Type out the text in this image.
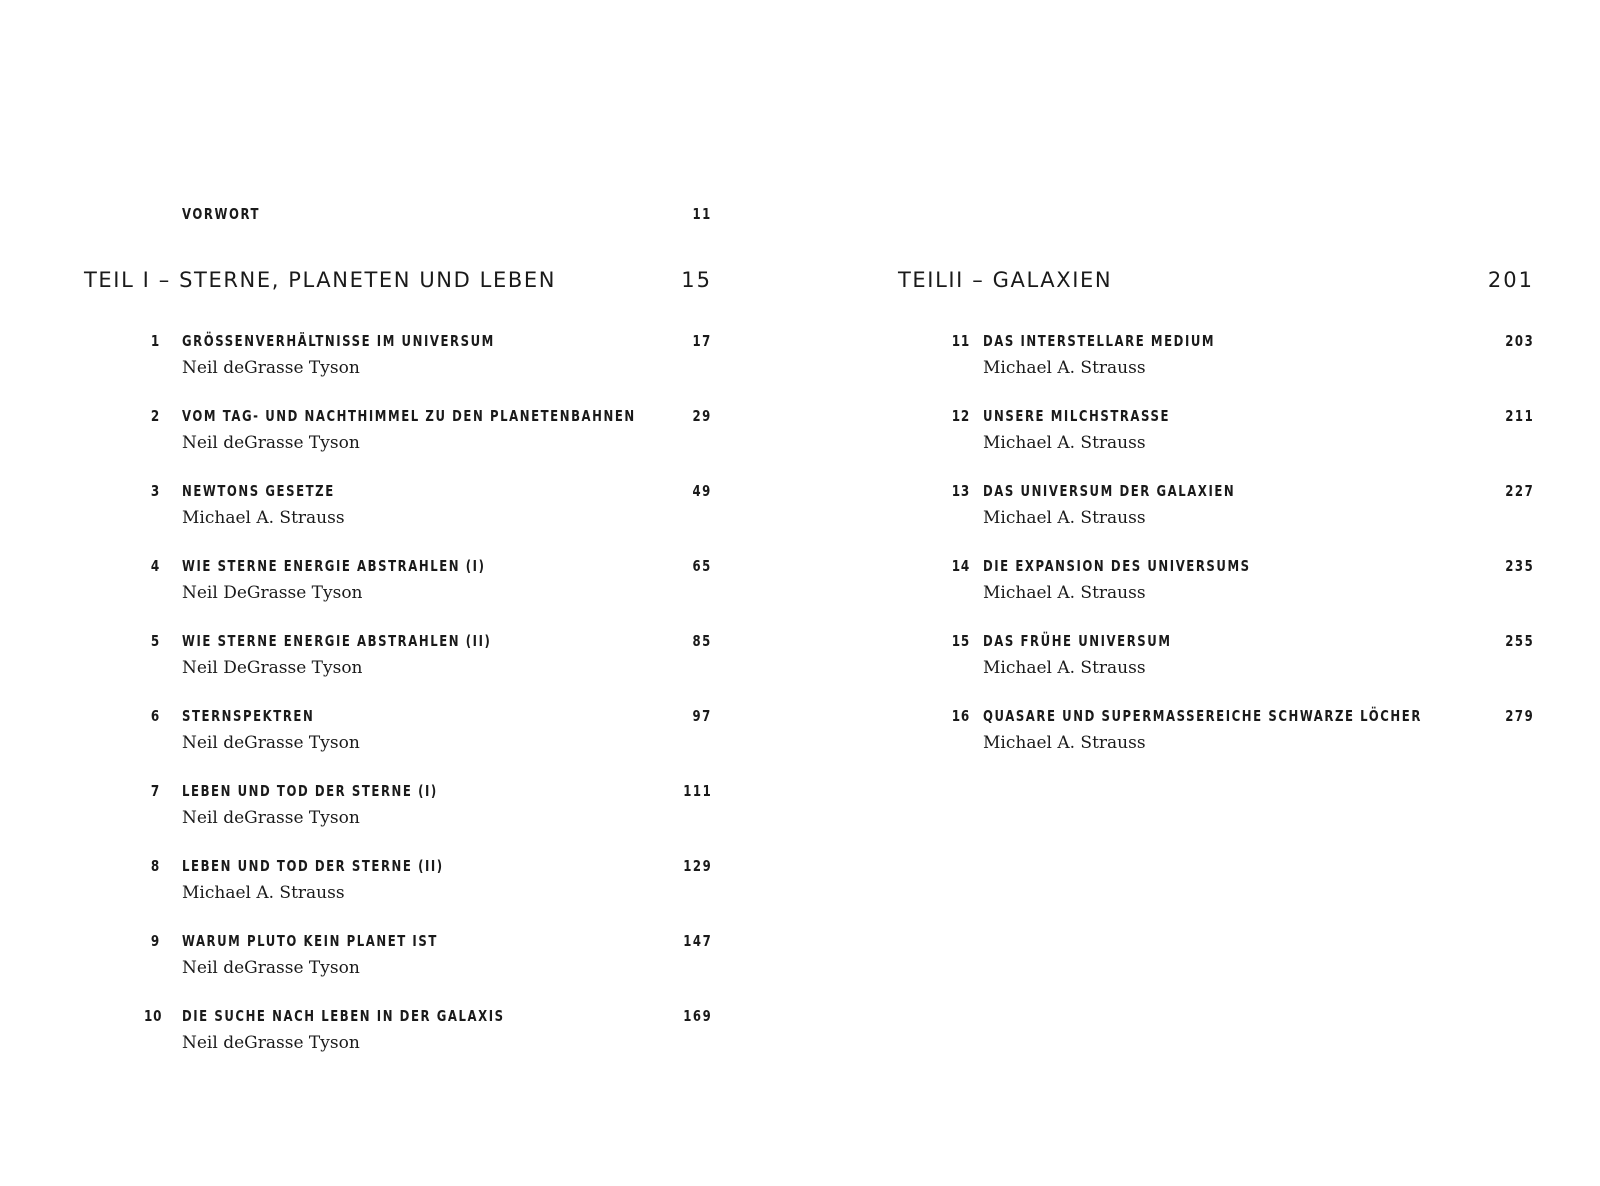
VORWORT	11
TEIL I – STERNE, PLANETEN UND LEBEN	15
1 GRÖSSENVERHÄLTNISSE IM UNIVERSUM	17
Neil deGrasse Tyson
2 VOM TAG- UND NACHTHIMMEL ZU DEN PLANETENBAHNEN	29
Neil deGrasse Tyson
3 NEWTONS GESETZE	49
Michael A. Strauss
4 WIE STERNE ENERGIE ABSTRAHLEN (I)	65
Neil DeGrasse Tyson
5 WIE STERNE ENERGIE ABSTRAHLEN (II)	85
Neil DeGrasse Tyson
6 STERNSPEKTREN	97
Neil deGrasse Tyson
7 LEBEN UND TOD DER STERNE (I)	111
Neil deGrasse Tyson
8 LEBEN UND TOD DER STERNE (II)	129
Michael A. Strauss
9 WARUM PLUTO KEIN PLANET IST	147
Neil deGrasse Tyson
10 DIE SUCHE NACH LEBEN IN DER GALAXIS	169
Neil deGrasse Tyson
TEILII – GALAXIEN	201
11 DAS INTERSTELLARE MEDIUM	203
Michael A. Strauss
12 UNSERE MILCHSTRASSE	211
Michael A. Strauss
13 DAS UNIVERSUM DER GALAXIEN	227
Michael A. Strauss
14 DIE EXPANSION DES UNIVERSUMS	235
Michael A. Strauss
15 DAS FRÜHE UNIVERSUM	255
Michael A. Strauss
16 QUASARE UND SUPERMASSEREICHE SCHWARZE LÖCHER	279
Michael A. Strauss
